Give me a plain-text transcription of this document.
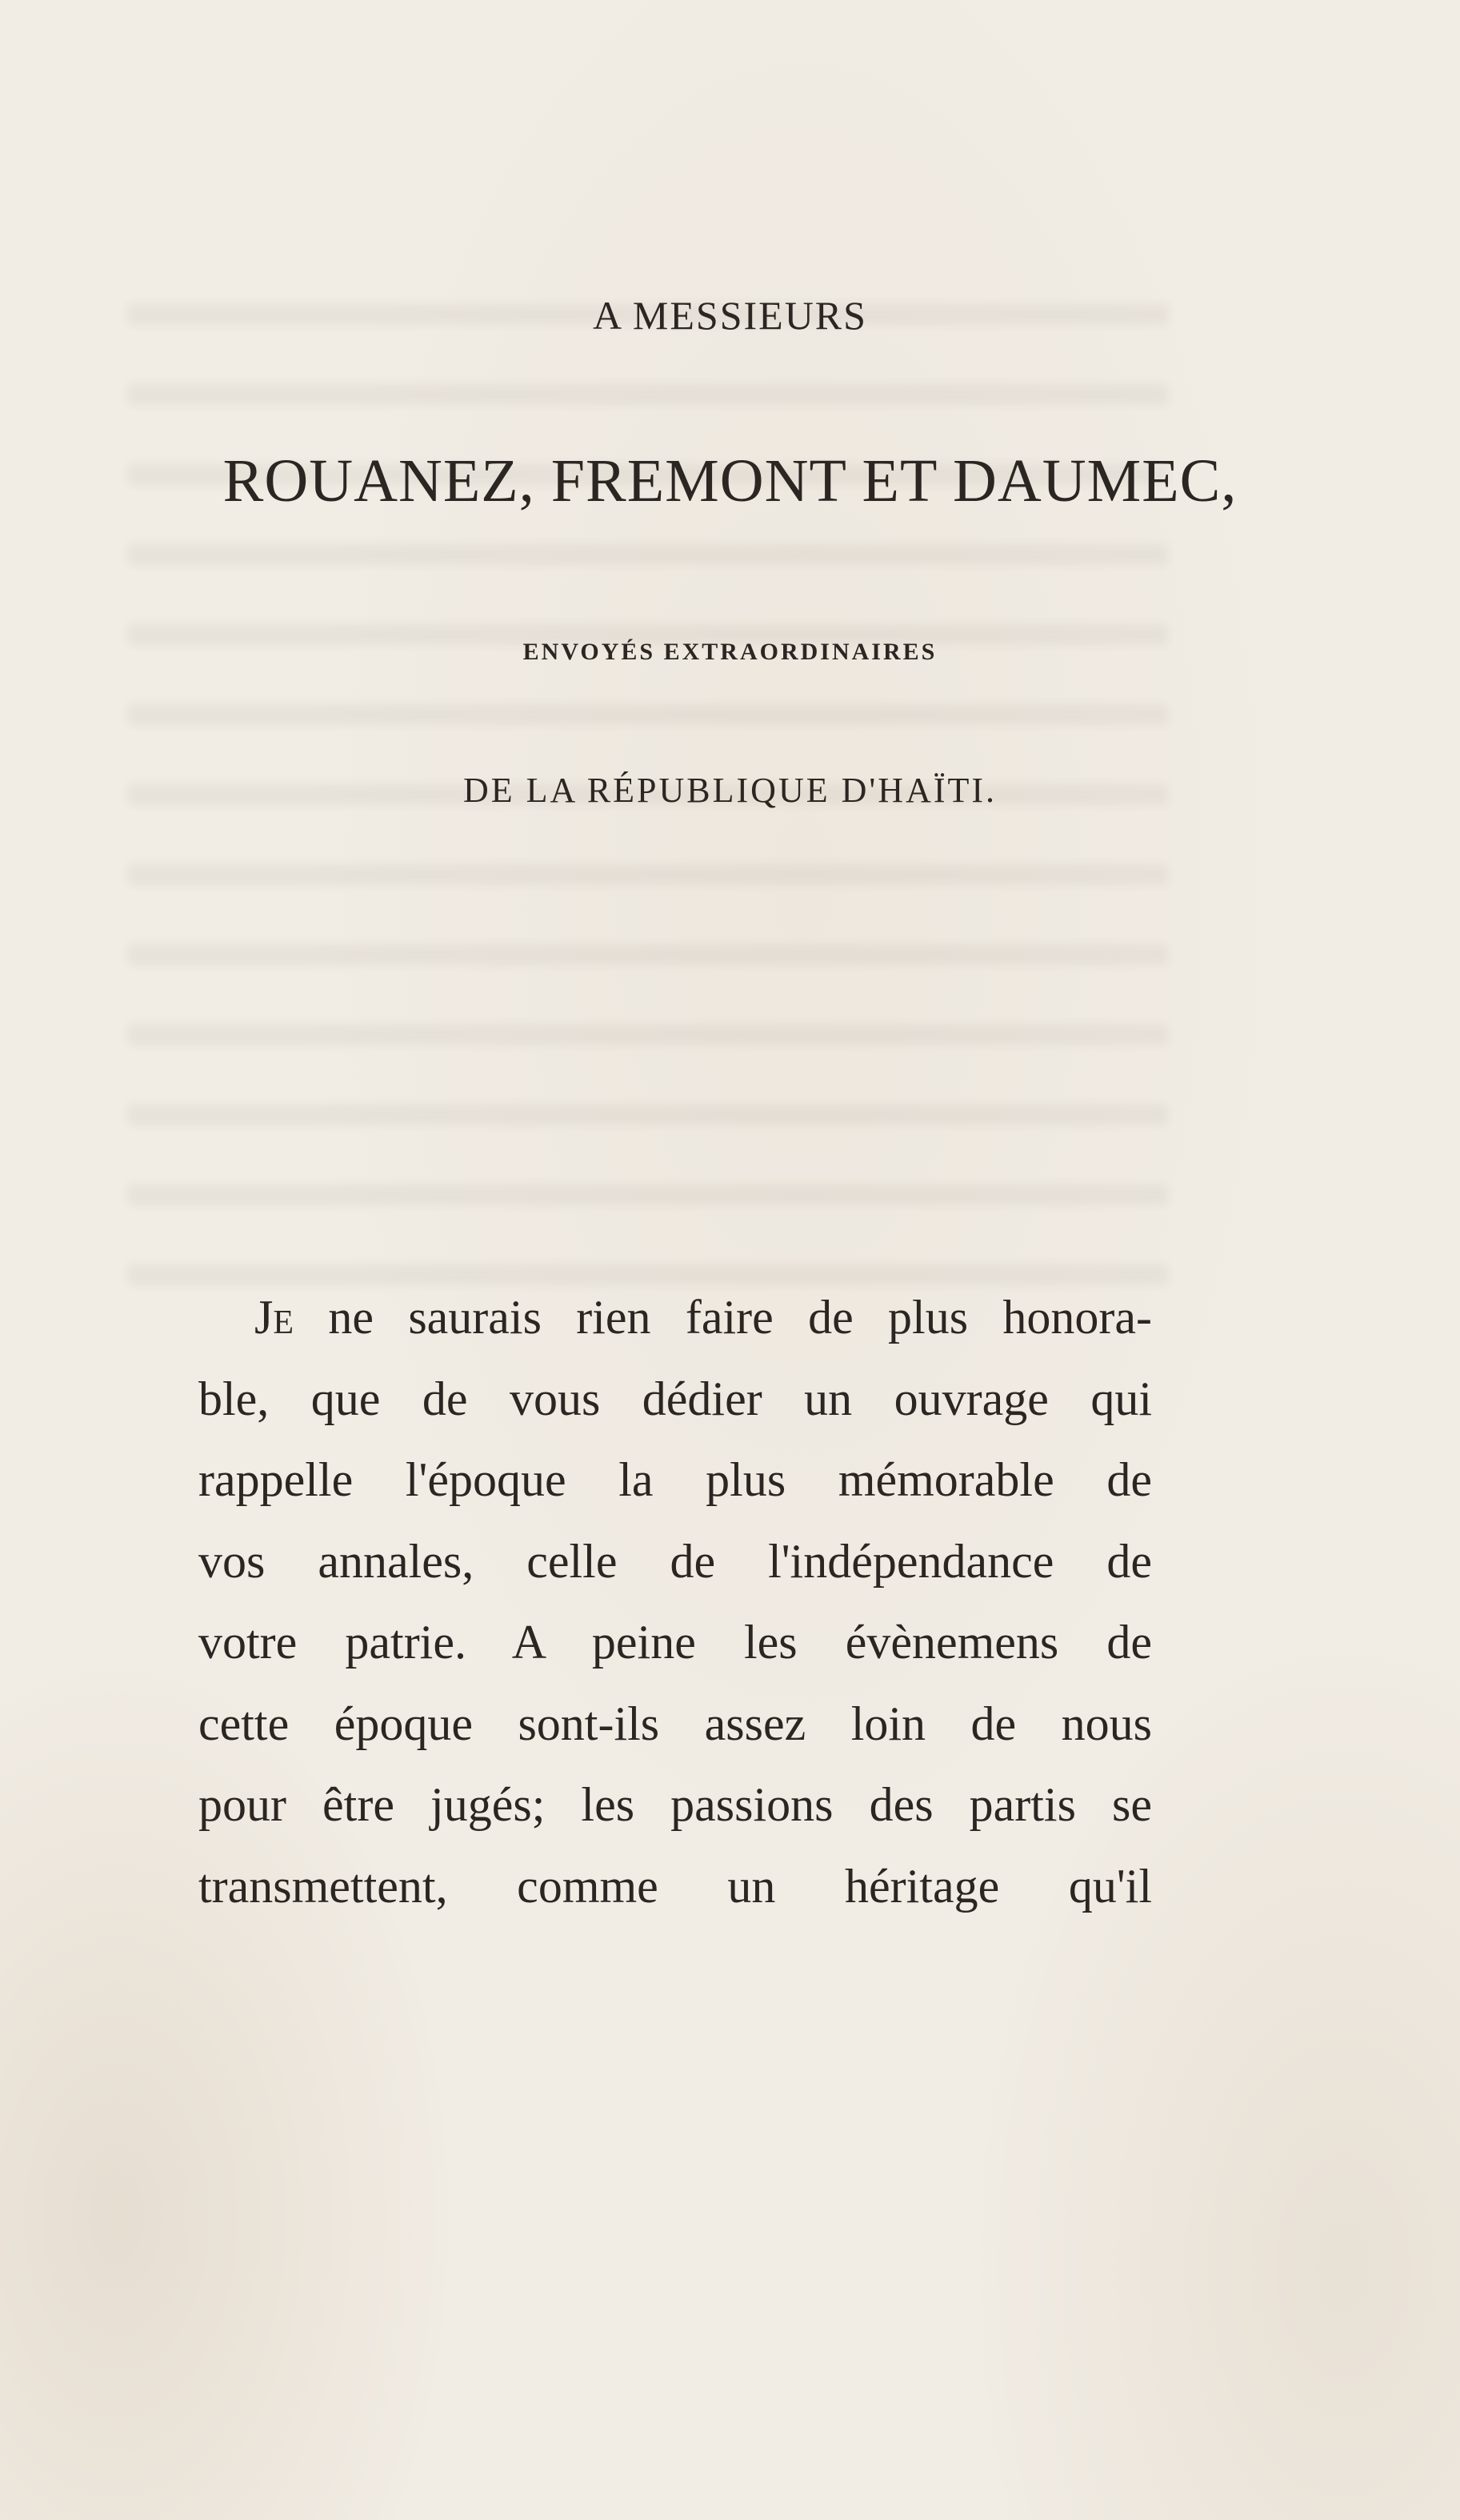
A MESSIEURS
ROUANEZ, FREMONT ET DAUMEC,
ENVOYÉS EXTRAORDINAIRES
DE LA RÉPUBLIQUE D'HAÏTI.
Je ne saurais rien faire de plus honora-
ble, que de vous dédier un ouvrage qui
rappelle l'époque la plus mémorable de
vos annales, celle de l'indépendance de
votre patrie. A peine les évènemens de
cette époque sont-ils assez loin de nous
pour être jugés; les passions des partis se
transmettent, comme un héritage qu'il
